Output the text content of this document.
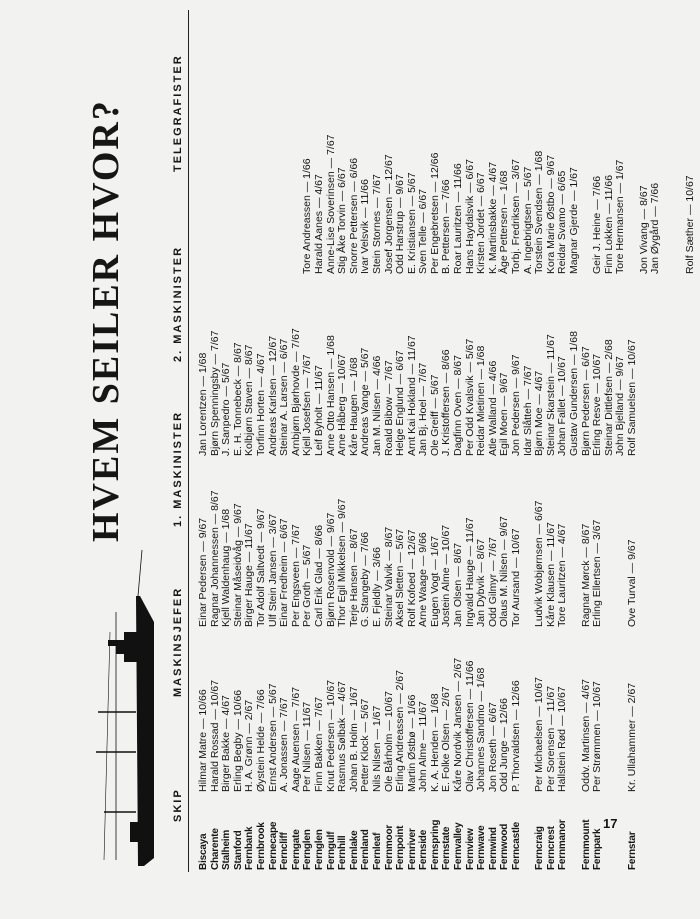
HVEM SEILER HVOR?
SKIP
MASKINSJEFER
1. MASKINISTER
2. MASKINISTER
TELEGRAFISTER
Biscaya Charente Stalheim Stanford Fernbank Fernbrook Fernecape Ferncliff Ferngate Fernglen Fernglen Ferngulf Fernhill Fernlake Fernland Fernleaf Fernmoor Fernpoint Fernriver Fernside Fernspring Fernstate Fernvalley Fernview Fernwave Fernwind Fernwood Ferncastle Ferncraig Ferncrest Fernmanor Fernmount Fernpark Fernstar
Hilmar Matre — 10/66 Harald Rossad — 10/67 Birger Bakke — 4/67 Erling Begby — 10/66 H. A. Grønn — 2/67 Øystein Helde — 7/66 Ernst Andersen — 5/67 A. Jonassen — 7/67 Aage Auensen — 7/67 Per Nilsen — 11/67 Finn Bakken — 7/67 Knut Pedersen — 10/67 Rasmus Sølbak — 4/67 Johan B. Holm — 1/67 Petter Klock — 5/67 Nils Nilsen — 1/67 Ole Bårholm — 10/67 Erling Andreassen — 2/67 Martin Østbø — 1/66 John Alme — 11/67 K. A. Henden — 1/68 E. Folke Olsen — 2/67 Kåre Nordvik Jansen — 2/67 Olav Christoffersen — 11/66 Johannes Sandmo — 1/68 Jon Roseth — 6/67 Odd Junge — 12/66 P. Thorvaldsen — 12/66 Per Michaelsen — 10/67 Per Sorensen — 11/67 Hallstein Rød — 10/67 Oddv. Martinsen — 4/67 Per Strømmen — 10/67 Kr. Ullahammer — 2/67
Einar Pedersen — 9/67 Ragnar Johannessen — 8/67 Kjell Waldenhaug — 1/68 Steinar Måseidvåg — 9/67 Birger Hauge — 11/67 Tor Adolf Saltvedt — 9/67 Ulf Stein Jansen — 3/67 Einar Fredheim — 6/67 Per Engsveen — 7/67 Per Groth — 5/67 Carl Erik Glad — 8/66 Bjørn Rosenvold — 9/67 Thor Egil Mikkelsen — 9/67 Terje Hansen — 8/67 G. Stangeby — 7/66 E. Fjeldly — 3/66 Steinar Valvik — 8/67 Aksel Sletten — 5/67 Rolf Kofoed — 12/67 Arne Waage — 9/66 Eugen Vogt — 1/67 Jostein Alme — 10/67 Jan Olsen — 8/67 Ingvald Hauge — 11/67 Jan Dybvik — 8/67 Odd Gilmyr — 7/67 Olaus M. Nilsen — 9/67 Tor Aursand — 10/67 Ludvik Wobjørnsen — 6/67 Kåre Klausen — 11/67 Tore Lauritzen — 4/67 Ragnar Mørck — 8/67 Erling Ellertsen — 3/67 Ove Turval — 9/67
Jan Lorentzen — 1/68 Bjørn Spenningsby — 7/67 J. Sanpedro — 5/67 E. H. Tonnebeck — 8/67 Kolbjørn Staven — 8/67 Torfinn Horten — 4/67 Andreas Karlsen — 12/67 Steinar A. Larsen — 6/67 Arnbjørn Bjørhovde — 7/67 Kjell Josefsen — 7/67 Leif Byholt — 11/67 Arne Otto Hansen — 1/68 Arne Håberg — 10/67 Kåre Haugen — 1/68 Andreas Vange — 5/67 Jan M. Nilsen — 4/66 Roald Bibow — 7/67 Helge Englund — 6/67 Arnt Kai Hokland — 11/67 Jan Bj. Hoel — 7/67 Ole Greiff — 5/67 J. Kristoffersen — 8/66 Dagfinn Oven — 8/67 Per Odd Kvalsvik — 5/67 Reidar Mietinen — 1/68 Atle Walland — 4/66 Egil Moen — 9/67 Jon Pedersen — 9/67 Idar Slåtteh — 7/67 Bjørn Moe — 4/67 Steinar Skarstein — 11/67 Johan Fallet — 10/67 Gustav Gundersen — 1/68 Bjørn Pedersen — 6/67 Erling Resve — 10/67 Steinar Dittlefsen — 2/68 John Bjelland — 9/67 Rolf Samuelsen — 10/67
Tore Andreassen — 1/66 Harald Aanes — 4/67 Anne-Lise Soverinsen — 7/67 Stig Åke Torvin — 6/67 Snorre Pettersen — 6/66 Ivar Velsvik — 11/66 Stein Stornes — 7/67 Josef Jorgensen — 12/67 Odd Harstrup — 9/67 E. Kristiansen — 5/67 Sven Telle — 6/67 Per Engebretsen — 12/66 B. Pettersen — 7/66 Roar Lauritzen — 11/66 Hans Haydalsvik — 6/67 Kirsten Jordet — 6/67 K. Martinsbakke — 4/67 Åge Pettersen — 1/68 Torbj. Fredriksen — 3/67 A. Ingebrigtsen — 5/67 Torstein Svendsen — 1/68 Kora Marie Østbo — 9/67 Reidar Svamo — 6/65 Magnar Gjerde — 1/67 Geir J. Heine — 7/66 Finn Lokken — 11/66 Tore Hermansen — 1/67 Jon Vivang — 8/67 Jan Øygård — 7/66 Rolf Sæther — 10/67
17
